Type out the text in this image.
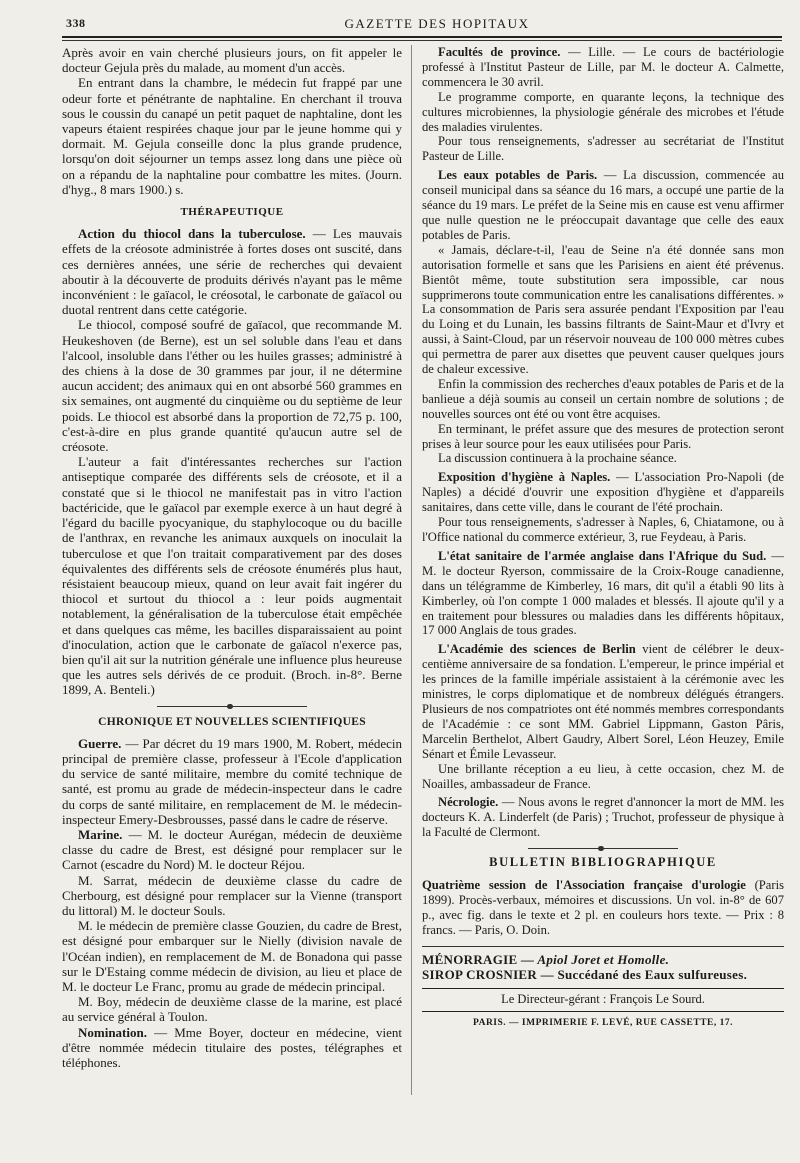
338	GAZETTE DES HOPITAUX

Après avoir en vain cherché plusieurs jours, on fit appeler le docteur Gejula près du malade, au moment d'un accès.

En entrant dans la chambre, le médecin fut frappé par une odeur forte et pénétrante de naphtaline. En cherchant il trouva sous le coussin du canapé un petit paquet de naphtaline, dont les vapeurs étaient respirées chaque jour par le jeune homme qui y dormait. M. Gejula conseille donc la plus grande prudence, lorsqu'on doit séjourner un temps assez long dans une pièce où on a répandu de la naphtaline pour combattre les mites. (Journ. d'hyg., 8 mars 1900.) s.

THÉRAPEUTIQUE

Action du thiocol dans la tuberculose. — Les mauvais effets de la créosote administrée à fortes doses ont suscité, dans ces dernières années, une série de recherches qui devaient aboutir à la découverte de produits dérivés n'ayant pas le même inconvénient : le gaïacol, le créosotal, le carbonate de gaïacol ou duotal rentrent dans cette catégorie.

Le thiocol, composé soufré de gaïacol, que recommande M. Heukeshoven (de Berne), est un sel soluble dans l'eau et dans l'alcool, insoluble dans l'éther ou les huiles grasses; administré à des chiens à la dose de 30 grammes par jour, il ne détermine aucun accident; des animaux qui en ont absorbé 560 grammes en six semaines, ont augmenté du cinquième ou du septième de leur poids. Le thiocol est absorbé dans la proportion de 72,75 p. 100, c'est-à-dire en plus grande quantité qu'aucun autre sel de créosote.

L'auteur a fait d'intéressantes recherches sur l'action antiseptique comparée des différents sels de créosote, et il a constaté que si le thiocol ne manifestait pas in vitro l'action bactéricide, que le gaïacol par exemple exerce à un haut degré à l'égard du bacille pyocyanique, du staphylocoque ou du bacille de l'anthrax, en revanche les animaux auxquels on inoculait la tuberculose et que l'on traitait comparativement par des doses équivalentes des différents sels de créosote énumérés plus haut, résistaient beaucoup mieux, quand on leur avait fait ingérer du thiocol et surtout du thiocol a : leur poids augmentait notablement, la généralisation de la tuberculose était empêchée et dans quelques cas même, les bacilles disparaissaient au point d'inoculation, action que le carbonate de gaïacol n'exerce pas, bien qu'il ait sur la nutrition générale une influence plus heureuse que les autres sels dérivés de ce produit. (Broch. in-8°. Berne 1899, A. Benteli.)

CHRONIQUE ET NOUVELLES SCIENTIFIQUES

Guerre. — Par décret du 19 mars 1900, M. Robert, médecin principal de première classe, professeur à l'Ecole d'application du service de santé militaire, membre du comité technique de santé, est promu au grade de médecin-inspecteur dans le cadre du corps de santé militaire, en remplacement de M. le médecin-inspecteur Emery-Desbrousses, passé dans le cadre de réserve.

Marine. — M. le docteur Aurégan, médecin de deuxième classe du cadre de Brest, est désigné pour remplacer sur le Carnot (escadre du Nord) M. le docteur Réjou.

M. Sarrat, médecin de deuxième classe du cadre de Cherbourg, est désigné pour remplacer sur la Vienne (transport du littoral) M. le docteur Souls.

M. le médecin de première classe Gouzien, du cadre de Brest, est désigné pour embarquer sur le Nielly (division navale de l'Océan indien), en remplacement de M. de Bonadona qui passe sur le D'Estaing comme médecin de division, au lieu et place de M. le docteur Le Franc, promu au grade de médecin principal.

M. Boy, médecin de deuxième classe de la marine, est placé au service général à Toulon.

Nomination. — Mme Boyer, docteur en médecine, vient d'être nommée médecin titulaire des postes, télégraphes et téléphones.

Facultés de province. — Lille. — Le cours de bactériologie professé à l'Institut Pasteur de Lille, par M. le docteur A. Calmette, commencera le 30 avril.

Le programme comporte, en quarante leçons, la technique des cultures microbiennes, la physiologie générale des microbes et l'étude des maladies virulentes.

Pour tous renseignements, s'adresser au secrétariat de l'Institut Pasteur de Lille.

Les eaux potables de Paris. — La discussion, commencée au conseil municipal dans sa séance du 16 mars, a occupé une partie de la séance du 19 mars. Le préfet de la Seine mis en cause est venu affirmer que nulle question ne le préoccupait davantage que celle des eaux potables de Paris.

« Jamais, déclare-t-il, l'eau de Seine n'a été donnée sans mon autorisation formelle et sans que les Parisiens en aient été prévenus. Bientôt même, toute substitution sera impossible, car nous supprimerons toute communication entre les canalisations différentes. » La consommation de Paris sera assurée pendant l'Exposition par l'eau du Loing et du Lunain, les bassins filtrants de Saint-Maur et d'Ivry et aussi, à Saint-Cloud, par un réservoir nouveau de 100 000 mètres cubes qui permettra de parer aux disettes que peuvent causer quelques jours de chaleur excessive.

Enfin la commission des recherches d'eaux potables de Paris et de la banlieue a déjà soumis au conseil un certain nombre de solutions ; de nouvelles sources ont été ou vont être acquises.

En terminant, le préfet assure que des mesures de protection seront prises à leur source pour les eaux utilisées pour Paris.

La discussion continuera à la prochaine séance.

Exposition d'hygiène à Naples. — L'association Pro-Napoli (de Naples) a décidé d'ouvrir une exposition d'hygiène et d'appareils sanitaires, dans cette ville, dans le courant de l'été prochain.

Pour tous renseignements, s'adresser à Naples, 6, Chiatamone, ou à l'Office national du commerce extérieur, 3, rue Feydeau, à Paris.

L'état sanitaire de l'armée anglaise dans l'Afrique du Sud. — M. le docteur Ryerson, commissaire de la Croix-Rouge canadienne, dans un télégramme de Kimberley, 16 mars, dit qu'il a établi 90 lits à Kimberley, où l'on compte 1 000 malades et blessés. Il ajoute qu'il y a en traitement pour blessures ou maladies dans les différents hôpitaux, 17 000 Anglais de tous grades.

L'Académie des sciences de Berlin vient de célébrer le deux-centième anniversaire de sa fondation. L'empereur, le prince impérial et les princes de la famille impériale assistaient à la cérémonie avec les ministres, le corps diplomatique et de nombreux délégués étrangers. Plusieurs de nos compatriotes ont été nommés membres correspondants de l'Académie : ce sont MM. Gabriel Lippmann, Gaston Pâris, Marcelin Berthelot, Albert Gaudry, Albert Sorel, Léon Heuzey, Emile Sénart et Émile Levasseur.

Une brillante réception a eu lieu, à cette occasion, chez M. de Noailles, ambassadeur de France.

Nécrologie. — Nous avons le regret d'annoncer la mort de MM. les docteurs K. A. Linderfelt (de Paris) ; Truchot, professeur de physique à la Faculté de Clermont.

BULLETIN BIBLIOGRAPHIQUE

Quatrième session de l'Association française d'urologie (Paris 1899). Procès-verbaux, mémoires et discussions. Un vol. in-8° de 607 p., avec fig. dans le texte et 2 pl. en couleurs hors texte. — Prix : 8 francs. — Paris, O. Doin.

MÉNORRAGIE — Apiol Joret et Homolle.

SIROP CROSNIER — Succédané des Eaux sulfureuses.

Le Directeur-gérant : François Le Sourd.
PARIS. — IMPRIMERIE F. LEVÉ, RUE CASSETTE, 17.
